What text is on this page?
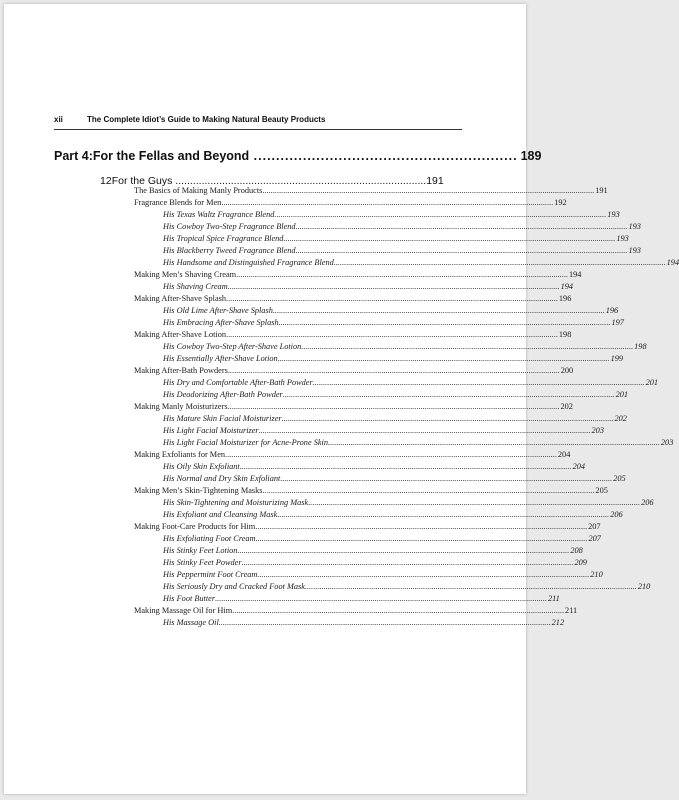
xii	The Complete Idiot’s Guide to Making Natural Beauty Products
Part 4: For the Fellas and Beyond ........................................................... 189
12 For the Guys ...................................................................................... 191
The Basics of Making Manly Products ................................................................................................................................................................ 191
Fragrance Blends for Men ................................................................................................................................................................ 192
His Texas Waltz Fragrance Blend ................................................................................................................................................................ 193
His Cowboy Two-Step Fragrance Blend ................................................................................................................................................................ 193
His Tropical Spice Fragrance Blend ................................................................................................................................................................ 193
His Blackberry Tweed Fragrance Blend ................................................................................................................................................................ 193
His Handsome and Distinguished Fragrance Blend ................................................................................................................................................................ 194
Making Men’s Shaving Cream ................................................................................................................................................................ 194
His Shaving Cream ................................................................................................................................................................ 194
Making After-Shave Splash ................................................................................................................................................................ 196
His Old Lime After-Shave Splash ................................................................................................................................................................ 196
His Embracing After-Shave Splash ................................................................................................................................................................ 197
Making After-Shave Lotion ................................................................................................................................................................ 198
His Cowboy Two-Step After-Shave Lotion ................................................................................................................................................................ 198
His Essentially After-Shave Lotion ................................................................................................................................................................ 199
Making After-Bath Powders ................................................................................................................................................................ 200
His Dry and Comfortable After-Bath Powder ................................................................................................................................................................ 201
His Deodorizing After-Bath Powder ................................................................................................................................................................ 201
Making Manly Moisturizers ................................................................................................................................................................ 202
His Mature Skin Facial Moisturizer ................................................................................................................................................................ 202
His Light Facial Moisturizer ................................................................................................................................................................ 203
His Light Facial Moisturizer for Acne-Prone Skin ................................................................................................................................................................ 203
Making Exfoliants for Men ................................................................................................................................................................ 204
His Oily Skin Exfoliant ................................................................................................................................................................ 204
His Normal and Dry Skin Exfoliant ................................................................................................................................................................ 205
Making Men’s Skin-Tightening Masks ................................................................................................................................................................ 205
His Skin-Tightening and Moisturizing Mask ................................................................................................................................................................ 206
His Exfoliant and Cleansing Mask ................................................................................................................................................................ 206
Making Foot-Care Products for Him ................................................................................................................................................................ 207
His Exfoliating Foot Cream ................................................................................................................................................................ 207
His Stinky Feet Lotion ................................................................................................................................................................ 208
His Stinky Feet Powder ................................................................................................................................................................ 209
His Peppermint Foot Cream ................................................................................................................................................................ 210
His Seriously Dry and Cracked Foot Mask ................................................................................................................................................................ 210
His Foot Butter ................................................................................................................................................................ 211
Making Massage Oil for Him ................................................................................................................................................................ 211
His Massage Oil ................................................................................................................................................................ 212
